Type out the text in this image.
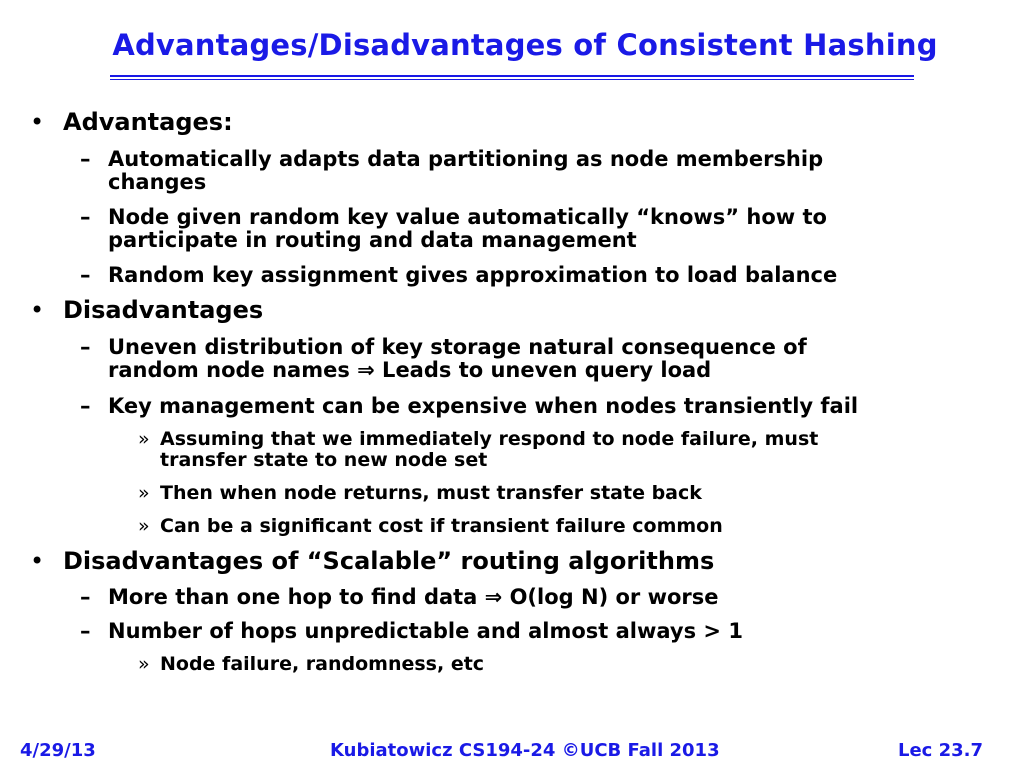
Advantages/Disadvantages of Consistent Hashing
• Advantages:
– Automatically adapts data partitioning as node membership
changes
– Node given random key value automatically “knows” how to
participate in routing and data management
– Random key assignment gives approximation to load balance
• Disadvantages
– Uneven distribution of key storage natural consequence of
random node names ⇒ Leads to uneven query load
– Key management can be expensive when nodes transiently fail
» Assuming that we immediately respond to node failure, must
transfer state to new node set
» Then when node returns, must transfer state back
» Can be a significant cost if transient failure common
• Disadvantages of “Scalable” routing algorithms
– More than one hop to find data ⇒ O(log N) or worse
– Number of hops unpredictable and almost always > 1
» Node failure, randomness, etc
4/29/13	Kubiatowicz CS194-24 ©UCB Fall 2013	Lec 23.7
